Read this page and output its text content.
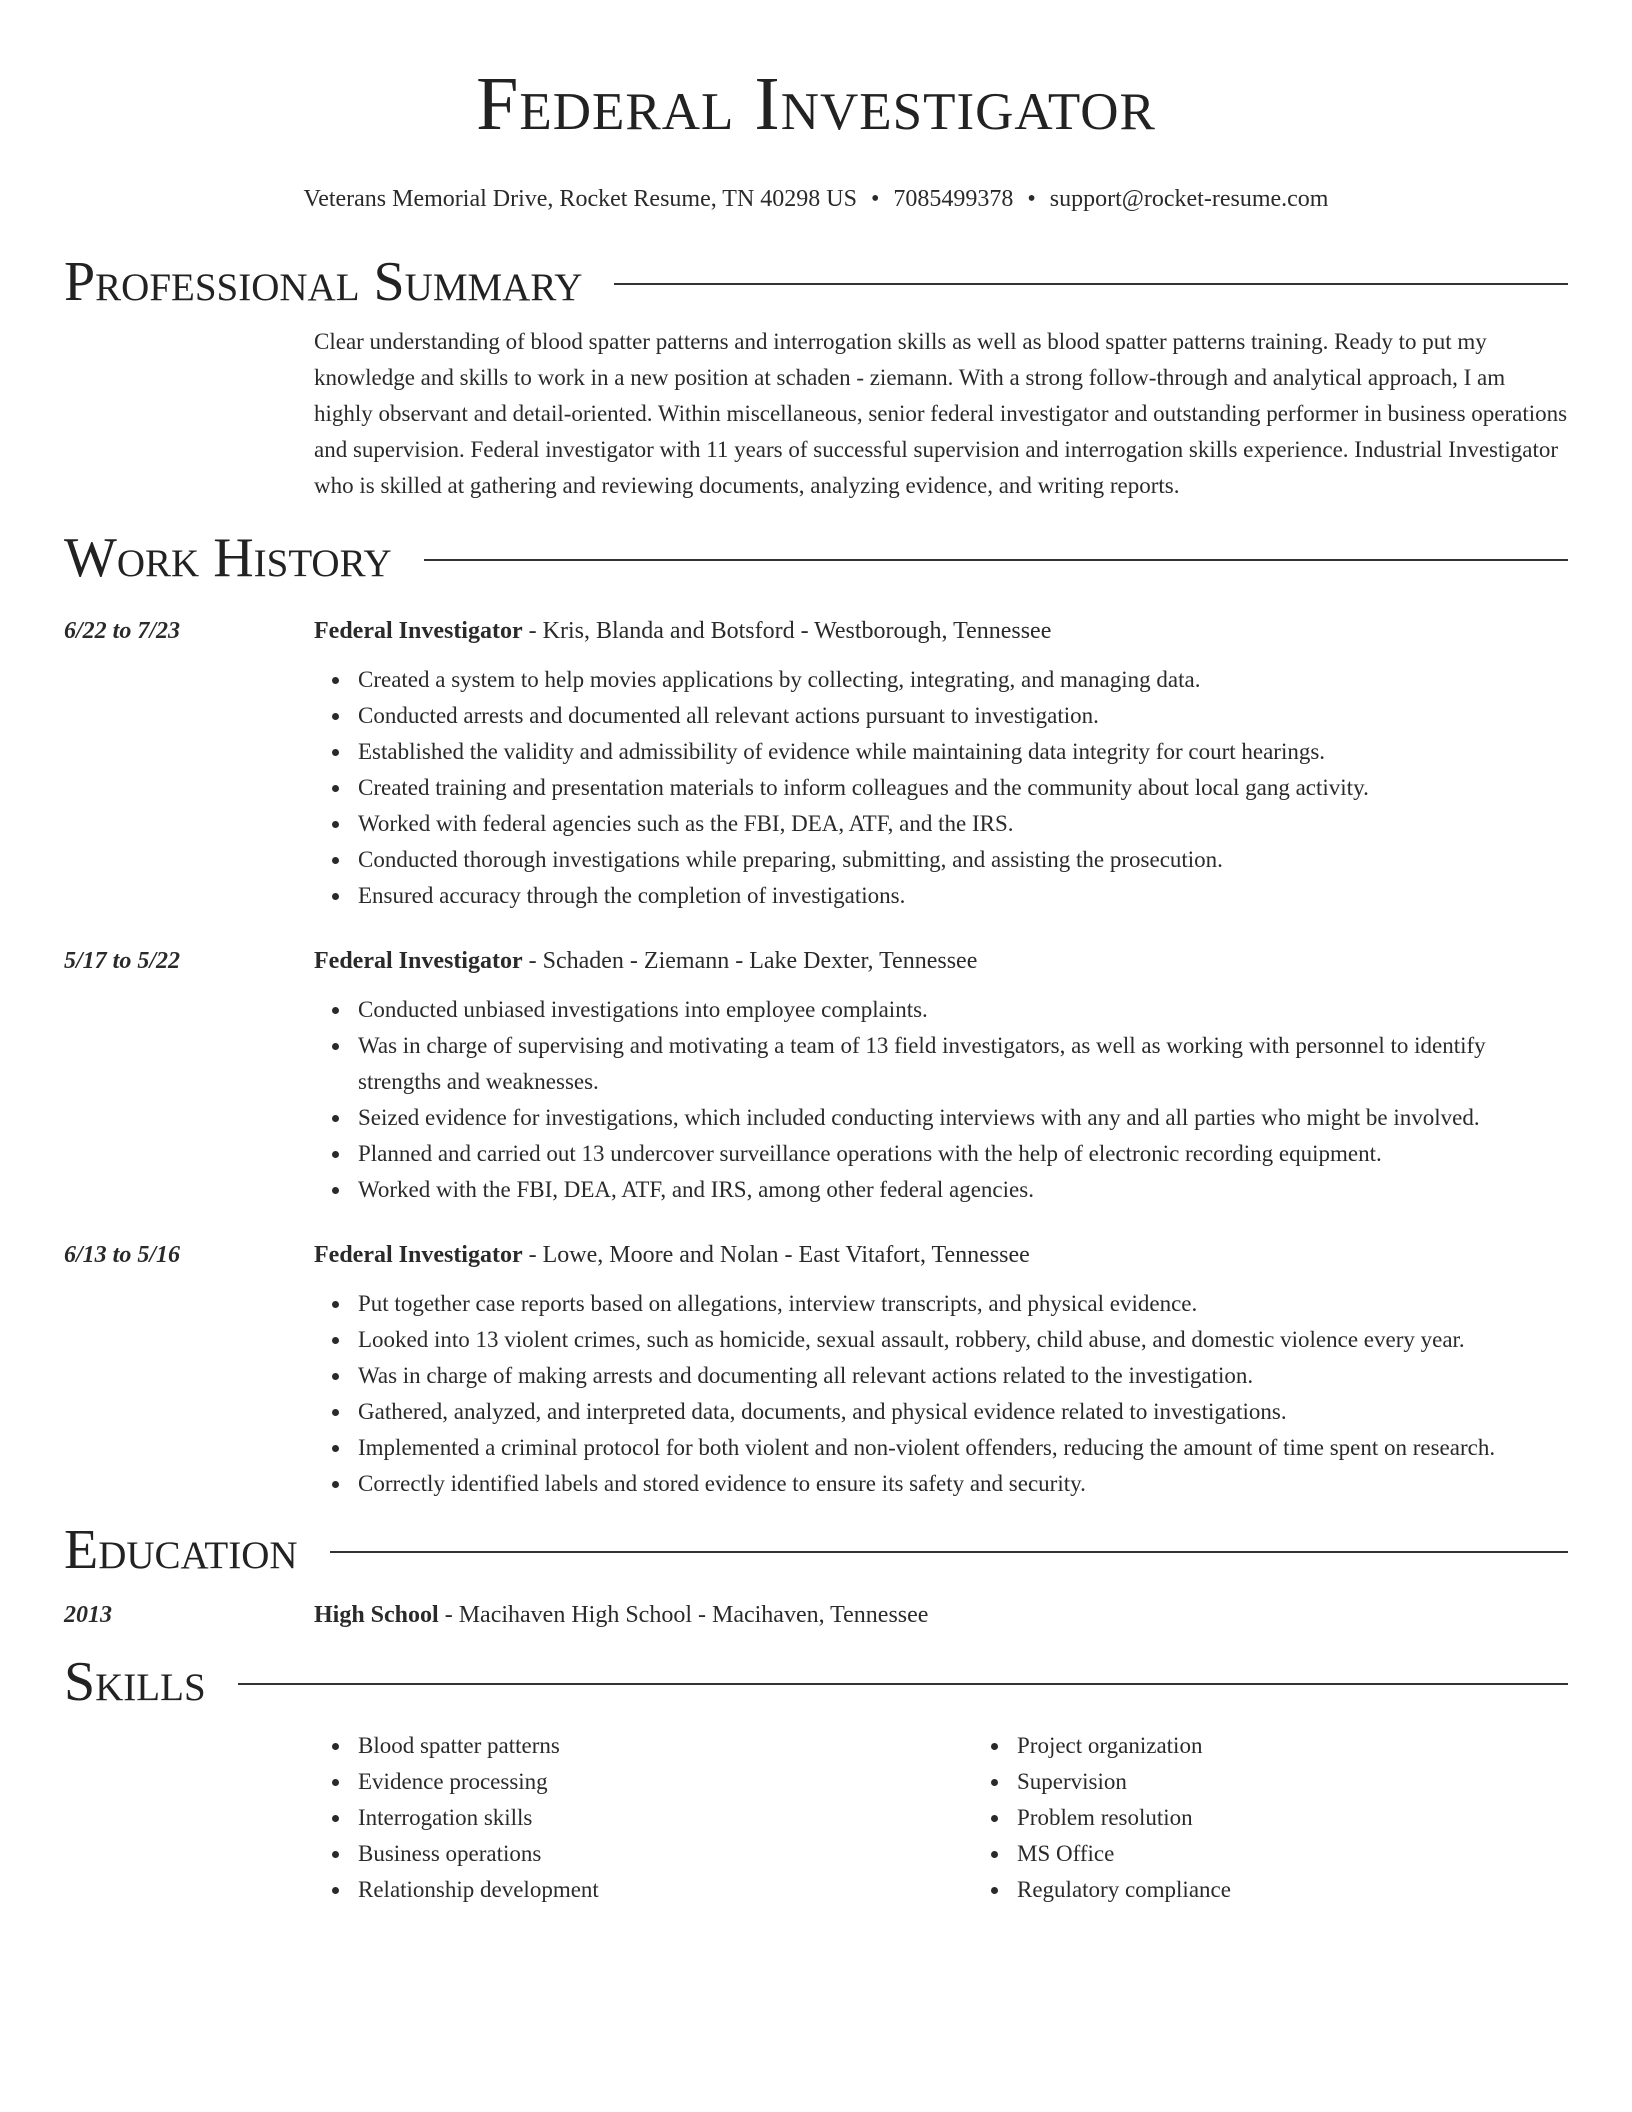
Federal Investigator
Veterans Memorial Drive, Rocket Resume, TN 40298 US • 7085499378 • support@rocket-resume.com
Professional Summary
Clear understanding of blood spatter patterns and interrogation skills as well as blood spatter patterns training. Ready to put my knowledge and skills to work in a new position at schaden - ziemann. With a strong follow-through and analytical approach, I am highly observant and detail-oriented. Within miscellaneous, senior federal investigator and outstanding performer in business operations and supervision. Federal investigator with 11 years of successful supervision and interrogation skills experience. Industrial Investigator who is skilled at gathering and reviewing documents, analyzing evidence, and writing reports.
Work History
6/22 to 7/23	Federal Investigator - Kris, Blanda and Botsford - Westborough, Tennessee
Created a system to help movies applications by collecting, integrating, and managing data.
Conducted arrests and documented all relevant actions pursuant to investigation.
Established the validity and admissibility of evidence while maintaining data integrity for court hearings.
Created training and presentation materials to inform colleagues and the community about local gang activity.
Worked with federal agencies such as the FBI, DEA, ATF, and the IRS.
Conducted thorough investigations while preparing, submitting, and assisting the prosecution.
Ensured accuracy through the completion of investigations.
5/17 to 5/22	Federal Investigator - Schaden - Ziemann - Lake Dexter, Tennessee
Conducted unbiased investigations into employee complaints.
Was in charge of supervising and motivating a team of 13 field investigators, as well as working with personnel to identify strengths and weaknesses.
Seized evidence for investigations, which included conducting interviews with any and all parties who might be involved.
Planned and carried out 13 undercover surveillance operations with the help of electronic recording equipment.
Worked with the FBI, DEA, ATF, and IRS, among other federal agencies.
6/13 to 5/16	Federal Investigator - Lowe, Moore and Nolan - East Vitafort, Tennessee
Put together case reports based on allegations, interview transcripts, and physical evidence.
Looked into 13 violent crimes, such as homicide, sexual assault, robbery, child abuse, and domestic violence every year.
Was in charge of making arrests and documenting all relevant actions related to the investigation.
Gathered, analyzed, and interpreted data, documents, and physical evidence related to investigations.
Implemented a criminal protocol for both violent and non-violent offenders, reducing the amount of time spent on research.
Correctly identified labels and stored evidence to ensure its safety and security.
Education
2013	High School - Macihaven High School - Macihaven, Tennessee
Skills
Blood spatter patterns
Evidence processing
Interrogation skills
Business operations
Relationship development
Project organization
Supervision
Problem resolution
MS Office
Regulatory compliance
